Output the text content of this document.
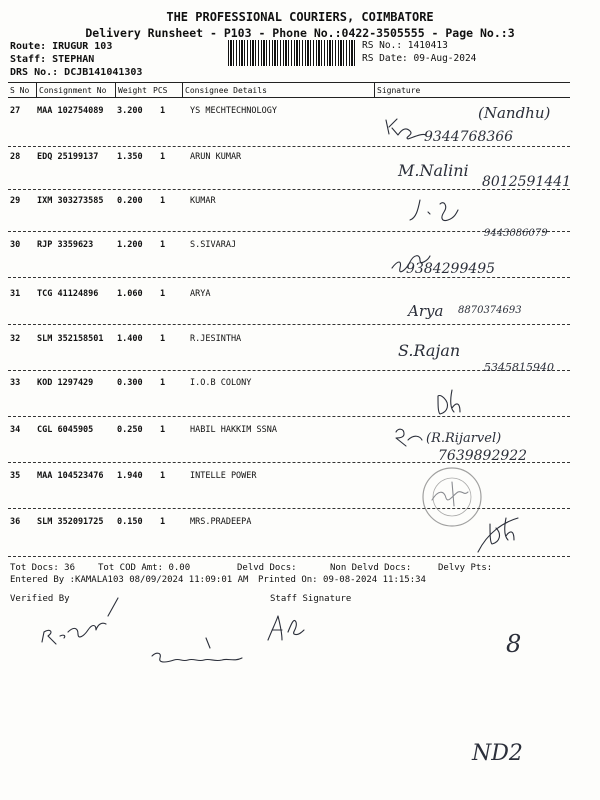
THE PROFESSIONAL COURIERS, COIMBATORE
Delivery Runsheet - P103 - Phone No.:0422-3505555 - Page No.:3
Route: IRUGUR 103
Staff: STEPHAN
DRS No.: DCJB141041303
RS No.: 1410413
RS Date: 09-Aug-2024
S No Consignment No Weight PCS Consignee Details	Signature
27 MAA 102754089 3.200 1	YS MECHTECHNOLOGY
28 EDQ 25199137 1.350 1	ARUN KUMAR
29 IXM 303273585 0.200 1	KUMAR
30 RJP 3359623	1.200 1	S.SIVARAJ
31 TCG 41124896 1.060 1	ARYA
32 SLM 352158501 1.400 1	R.JESINTHA
33 KOD 1297429	0.300 1	I.O.B COLONY
34 CGL 6045905	0.250 1	HABIL HAKKIM SSNA
35 MAA 104523476 1.940 1	INTELLE POWER
36 SLM 352091725 0.150 1	MRS.PRADEEPA
Tot Docs: 36	Tot COD Amt: 0.00	Delvd Docs:	Non Delvd Docs:	Delvy Pts:
Entered By :KAMALA103 08/09/2024 11:09:01 AM Printed On: 09-08-2024 11:15:34
Verified By	Staff Signature
(Nandhu)
9344768366
M.Nalini
8012591441
9443086079
9384299495
Arya 8870374693
S.Rajan
5345815940
(R.Rijarvel)
7639892922
8
ND2
